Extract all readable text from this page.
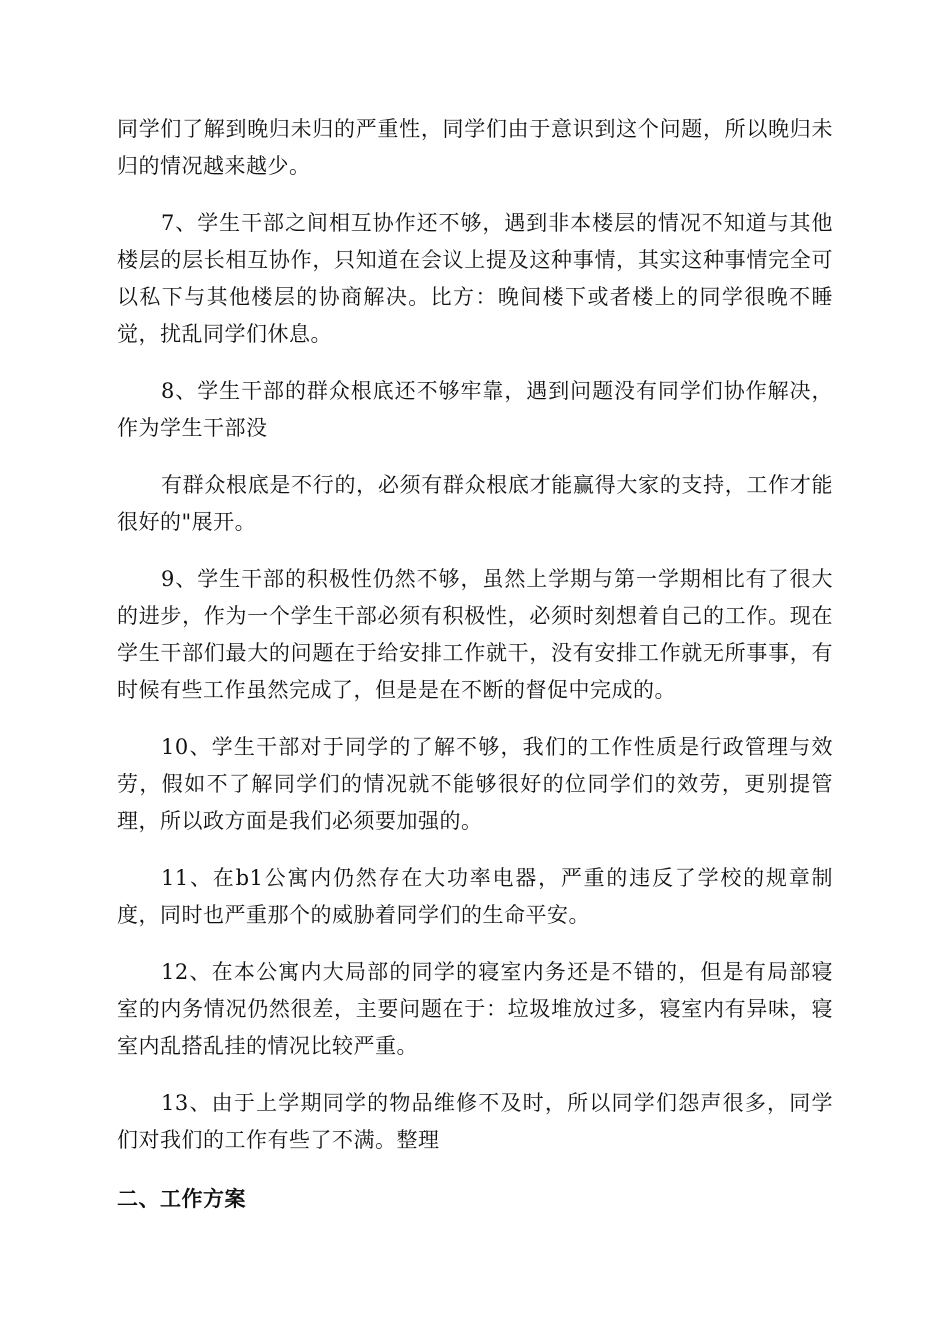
同学们了解到晚归未归的严重性，同学们由于意识到这个问题，所以晚归未归的情况越来越少。

7、学生干部之间相互协作还不够，遇到非本楼层的情况不知道与其他楼层的层长相互协作，只知道在会议上提及这种事情，其实这种事情完全可以私下与其他楼层的协商解决。比方：晚间楼下或者楼上的同学很晚不睡觉，扰乱同学们休息。

8、学生干部的群众根底还不够牢靠，遇到问题没有同学们协作解决，作为学生干部没

有群众根底是不行的，必须有群众根底才能赢得大家的支持，工作才能很好的"展开。

9、学生干部的积极性仍然不够，虽然上学期与第一学期相比有了很大的进步，作为一个学生干部必须有积极性，必须时刻想着自己的工作。现在学生干部们最大的问题在于给安排工作就干，没有安排工作就无所事事，有时候有些工作虽然完成了，但是是在不断的督促中完成的。

10、学生干部对于同学的了解不够，我们的工作性质是行政管理与效劳，假如不了解同学们的情况就不能够很好的位同学们的效劳，更别提管理，所以政方面是我们必须要加强的。

11、在b1公寓内仍然存在大功率电器，严重的违反了学校的规章制度，同时也严重那个的威胁着同学们的生命平安。

12、在本公寓内大局部的同学的寝室内务还是不错的，但是有局部寝室的内务情况仍然很差，主要问题在于：垃圾堆放过多，寝室内有异味，寝室内乱搭乱挂的情况比较严重。

13、由于上学期同学的物品维修不及时，所以同学们怨声很多，同学们对我们的工作有些了不满。整理

二、工作方案
